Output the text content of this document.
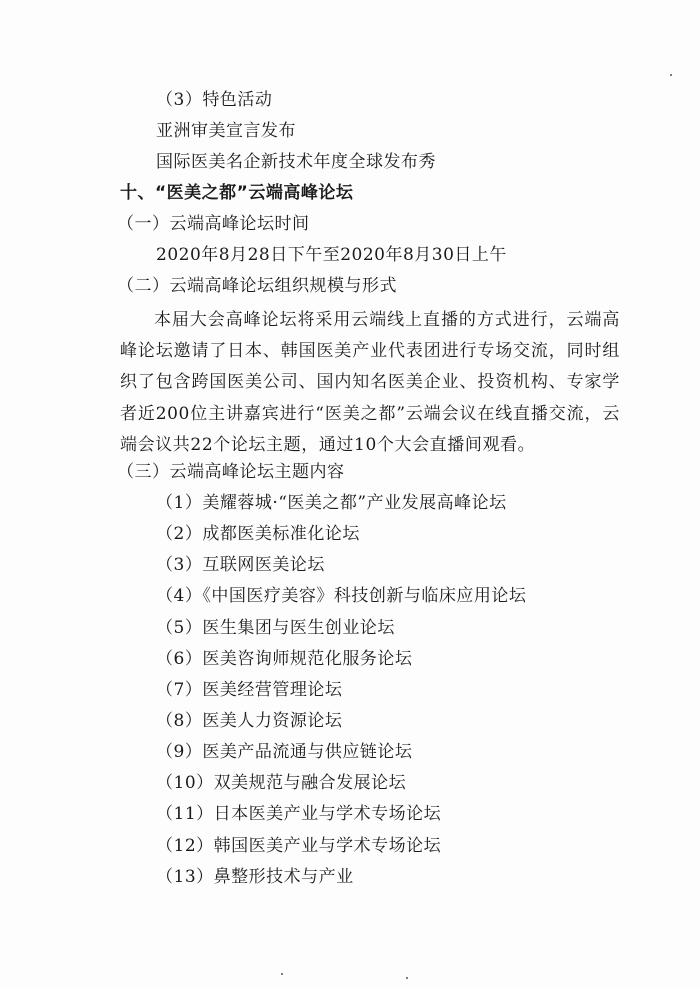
（3）特色活动
亚洲审美宣言发布
国际医美名企新技术年度全球发布秀
十、“医美之都”云端高峰论坛
（一）云端高峰论坛时间
2020年8月28日下午至2020年8月30日上午
（二）云端高峰论坛组织规模与形式
本届大会高峰论坛将采用云端线上直播的方式进行，云端高峰论坛邀请了日本、韩国医美产业代表团进行专场交流，同时组织了包含跨国医美公司、国内知名医美企业、投资机构、专家学者近200位主讲嘉宾进行“医美之都”云端会议在线直播交流，云端会议共22个论坛主题，通过10个大会直播间观看。
（三）云端高峰论坛主题内容
（1）美耀蓉城·“医美之都”产业发展高峰论坛
（2）成都医美标准化论坛
（3）互联网医美论坛
（4）《中国医疗美容》科技创新与临床应用论坛
（5）医生集团与医生创业论坛
（6）医美咨询师规范化服务论坛
（7）医美经营管理论坛
（8）医美人力资源论坛
（9）医美产品流通与供应链论坛
（10）双美规范与融合发展论坛
（11）日本医美产业与学术专场论坛
（12）韩国医美产业与学术专场论坛
（13）鼻整形技术与产业
